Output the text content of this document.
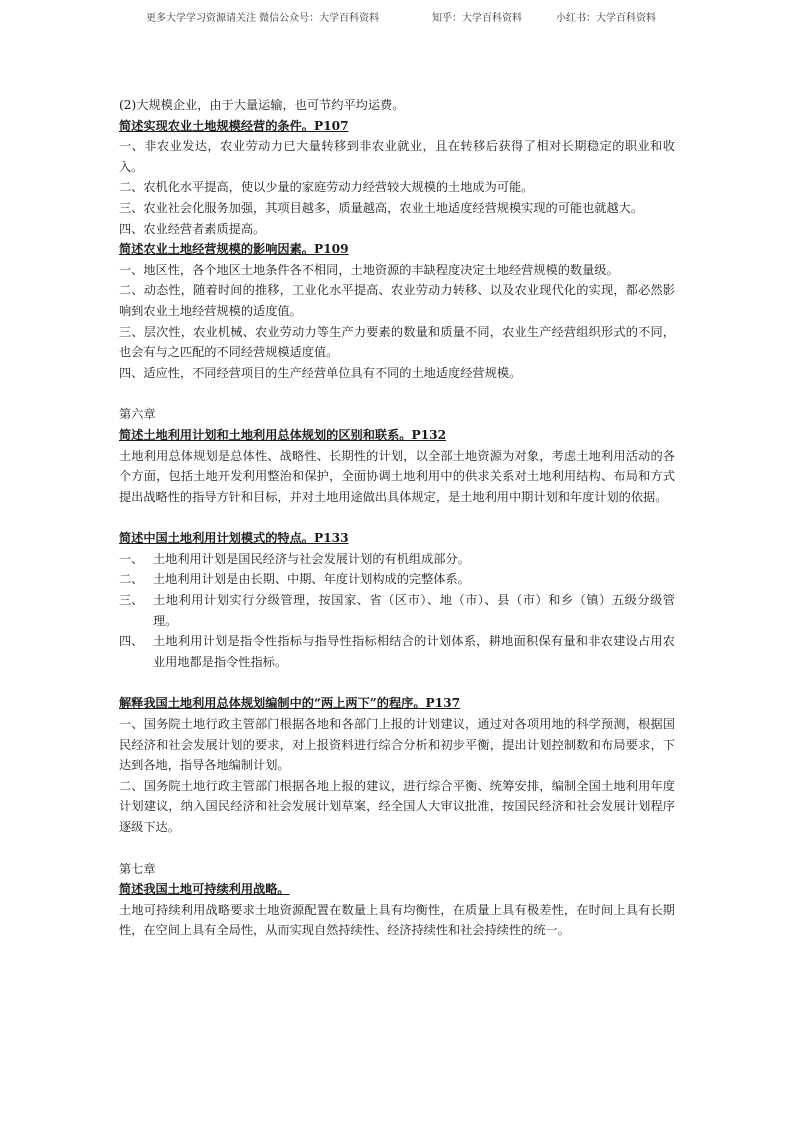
更多大学学习资源请关注 微信公众号：大学百科资料	知乎：大学百科资料	小红书：大学百科资料

(2)大规模企业，由于大量运输，也可节约平均运费。

简述实现农业土地规模经营的条件。P107

一、非农业发达，农业劳动力已大量转移到非农业就业，且在转移后获得了相对长期稳定的职业和收入。

二、农机化水平提高，使以少量的家庭劳动力经营较大规模的土地成为可能。

三、农业社会化服务加强，其项目越多，质量越高，农业土地适度经营规模实现的可能也就越大。

四、农业经营者素质提高。

简述农业土地经营规模的影响因素。P109

一、地区性，各个地区土地条件各不相同，土地资源的丰缺程度决定土地经营规模的数量级。

二、动态性，随着时间的推移，工业化水平提高、农业劳动力转移、以及农业现代化的实现，都必然影响到农业土地经营规模的适度值。

三、层次性，农业机械、农业劳动力等生产力要素的数量和质量不同，农业生产经营组织形式的不同，也会有与之匹配的不同经营规模适度值。

四、适应性，不同经营项目的生产经营单位具有不同的土地适度经营规模。

第六章

简述土地利用计划和土地利用总体规划的区别和联系。P132

土地利用总体规划是总体性、战略性、长期性的计划，以全部土地资源为对象，考虑土地利用活动的各个方面，包括土地开发利用整治和保护，全面协调土地利用中的供求关系对土地利用结构、布局和方式提出战略性的指导方针和目标，并对土地用途做出具体规定，是土地利用中期计划和年度计划的依据。

简述中国土地利用计划模式的特点。P133

一、 土地利用计划是国民经济与社会发展计划的有机组成部分。
二、 土地利用计划是由长期、中期、年度计划构成的完整体系。
三、 土地利用计划实行分级管理，按国家、省（区市）、地（市）、县（市）和乡（镇）五级分级管理。
四、 土地利用计划是指令性指标与指导性指标相结合的计划体系，耕地面积保有量和非农建设占用农业用地都是指令性指标。

解释我国土地利用总体规划编制中的“两上两下”的程序。P137

一、国务院土地行政主管部门根据各地和各部门上报的计划建议，通过对各项用地的科学预测，根据国民经济和社会发展计划的要求，对上报资料进行综合分析和初步平衡，提出计划控制数和布局要求，下达到各地，指导各地编制计划。

二、国务院土地行政主管部门根据各地上报的建议，进行综合平衡、统筹安排，编制全国土地利用年度计划建议，纳入国民经济和社会发展计划草案，经全国人大审议批准，按国民经济和社会发展计划程序逐级下达。

第七章

简述我国土地可持续利用战略。

土地可持续利用战略要求土地资源配置在数量上具有均衡性，在质量上具有极差性，在时间上具有长期性，在空间上具有全局性，从而实现自然持续性、经济持续性和社会持续性的统一。
